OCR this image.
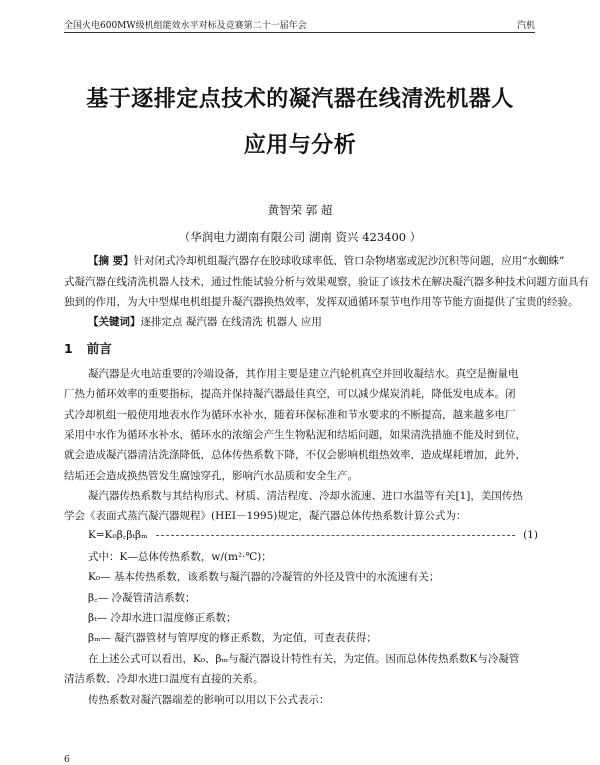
全国火电600MW级机组能效水平对标及竞赛第二十一届年会	汽机
基于逐排定点技术的凝汽器在线清洗机器人
应用与分析
黄智荣 郭 超
（华润电力湖南有限公司 湖南 资兴 423400 ）
【摘 要】针对闭式冷却机组凝汽器存在胶球收球率低、管口杂物堵塞或泥沙沉积等问题，应用“水蜘蛛”
式凝汽器在线清洗机器人技术，通过性能试验分析与效果观察，验证了该技术在解决凝汽器多种技术问题方面具有
独到的作用，为大中型煤电机组提升凝汽器换热效率，发挥双通循环泵节电作用等节能方面提供了宝贵的经验。
【关键词】逐排定点 凝汽器 在线清洗 机器人 应用
1 前言
凝汽器是火电站重要的冷端设备，其作用主要是建立汽轮机真空并回收凝结水。真空是衡量电
厂热力循环效率的重要指标，提高并保持凝汽器最佳真空，可以减少煤炭消耗，降低发电成本。闭
式冷却机组一般使用地表水作为循环水补水，随着环保标准和节水要求的不断提高，越来越多电厂
采用中水作为循环水补水，循环水的浓缩会产生生物粘泥和结垢问题，如果清洗措施不能及时到位，
就会造成凝汽器清洁洗涤降低，总体传热系数下降，不仅会影响机组热效率，造成煤耗增加，此外，
结垢还会造成换热管发生腐蚀穿孔，影响汽水品质和安全生产。
凝汽器传热系数与其结构形式、材质、清洁程度、冷却水流速、进口水温等有关[1]，美国传热
学会《表面式蒸汽凝汽器规程》(HEI－1995)规定，凝汽器总体传热系数计算公式为：
K=K₀β꜀βₜβₘ	(1)
式中：K—总体传热系数，w/(m²·℃)；
K₀— 基本传热系数，该系数与凝汽器的冷凝管的外径及管中的水流速有关；
β꜀— 冷凝管清洁系数；
βₜ— 冷却水进口温度修正系数；
βₘ— 凝汽器管材与管厚度的修正系数，为定值，可查表获得；
在上述公式可以看出，K₀、βₘ与凝汽器设计特性有关，为定值。因而总体传热系数K与冷凝管
清洁系数、冷却水进口温度有直接的关系。
传热系数对凝汽器端差的影响可以用以下公式表示：
6
